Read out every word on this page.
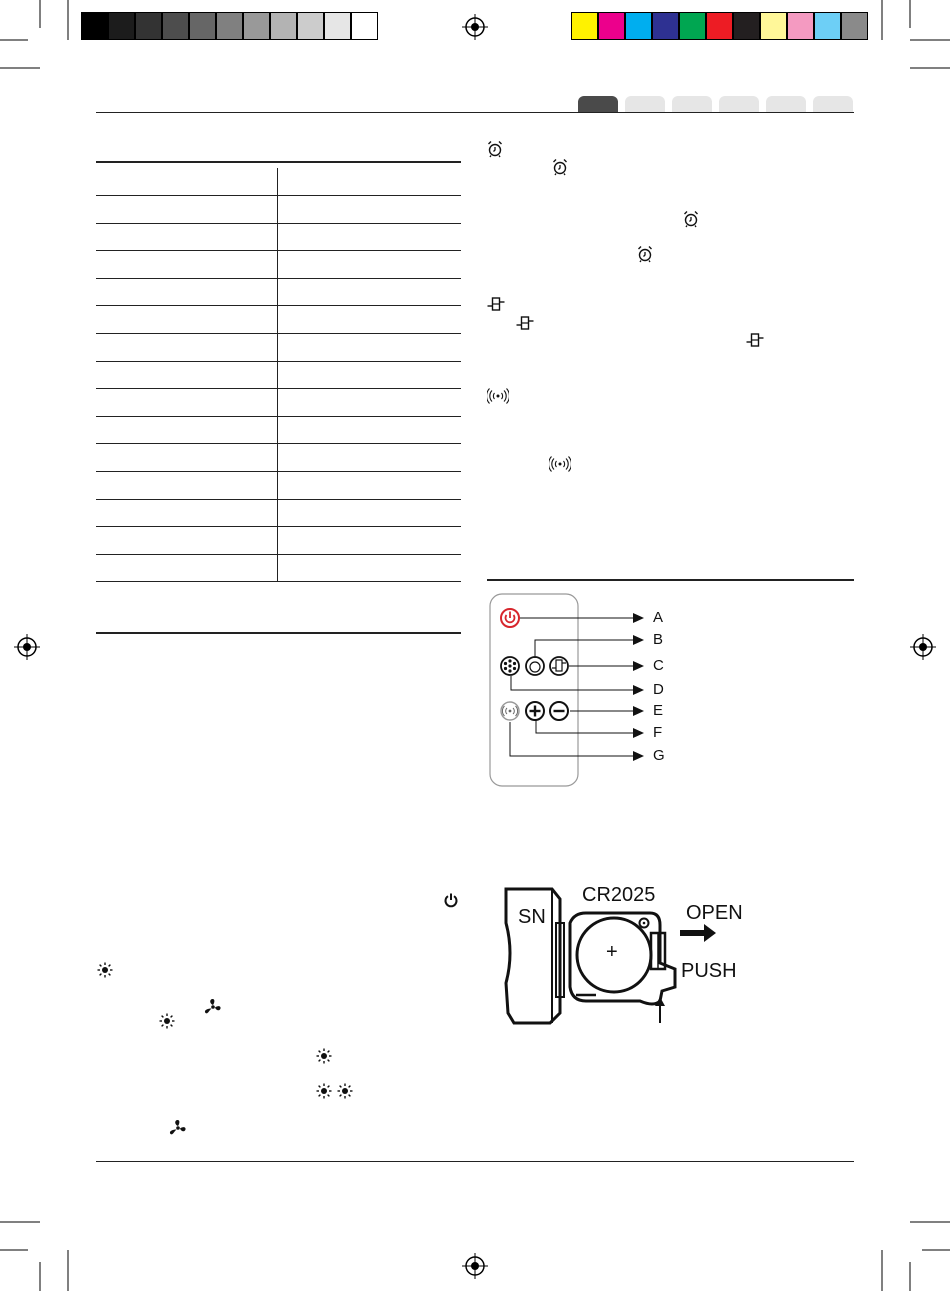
A
B
C
D
E
F
G
SN
CR2025
+
OPEN
PUSH
